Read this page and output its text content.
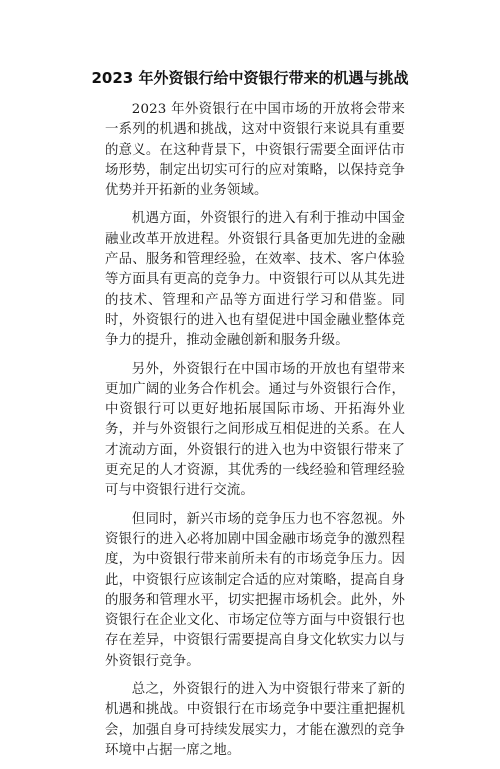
2023 年外资银行给中资银行带来的机遇与挑战

2023 年外资银行在中国市场的开放将会带来一系列的机遇和挑战，这对中资银行来说具有重要的意义。在这种背景下，中资银行需要全面评估市场形势，制定出切实可行的应对策略，以保持竞争优势并开拓新的业务领域。

机遇方面，外资银行的进入有利于推动中国金融业改革开放进程。外资银行具备更加先进的金融产品、服务和管理经验，在效率、技术、客户体验等方面具有更高的竞争力。中资银行可以从其先进的技术、管理和产品等方面进行学习和借鉴。同时，外资银行的进入也有望促进中国金融业整体竞争力的提升，推动金融创新和服务升级。

另外，外资银行在中国市场的开放也有望带来更加广阔的业务合作机会。通过与外资银行合作，中资银行可以更好地拓展国际市场、开拓海外业务，并与外资银行之间形成互相促进的关系。在人才流动方面，外资银行的进入也为中资银行带来了更充足的人才资源，其优秀的一线经验和管理经验可与中资银行进行交流。

但同时，新兴市场的竞争压力也不容忽视。外资银行的进入必将加剧中国金融市场竞争的激烈程度，为中资银行带来前所未有的市场竞争压力。因此，中资银行应该制定合适的应对策略，提高自身的服务和管理水平，切实把握市场机会。此外，外资银行在企业文化、市场定位等方面与中资银行也存在差异，中资银行需要提高自身文化软实力以与外资银行竞争。

总之，外资银行的进入为中资银行带来了新的机遇和挑战。中资银行在市场竞争中要注重把握机会，加强自身可持续发展实力，才能在激烈的竞争环境中占据一席之地。
